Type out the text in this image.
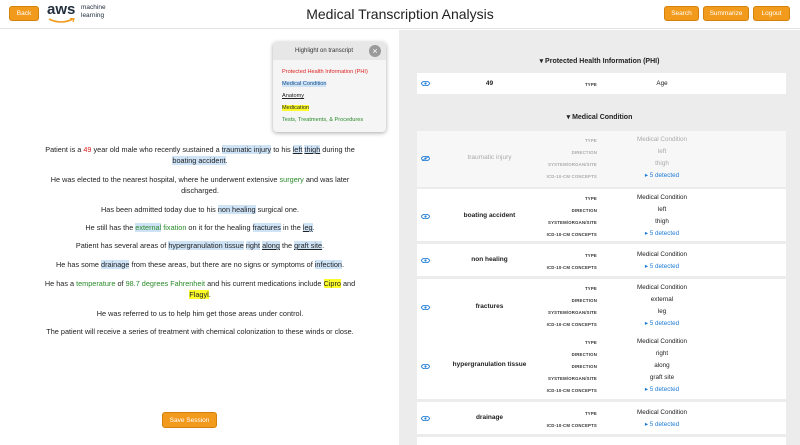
Back	aws machine
learning	Medical Transcription Analysis	Search	Summarize	Logout
Highlight on transcript	×
Protected Health Information (PHI)
Medical Condition
Anatomy
Medication
Tests, Treatments, & Procedures
Patient is a 49 year old male who recently sustained a traumatic injury to his left thigh during the
boating accident.
He was elected to the nearest hospital, where he underwent extensive surgery and was later discharged.
Has been admitted today due to his non healing surgical one.
He still has the external fixation on it for the healing fractures in the leg.
Patient has several areas of hypergranulation tissue right along the graft site.
He has some drainage from these areas, but there are no signs or symptoms of infection.
He has a temperature of 98.7 degrees Fahrenheit and his current medications include Cipro and
Flagyl.
He was referred to us to help him get those areas under control.
The patient will receive a series of treatment with chemical colonization to these winds or close.
Save Session
▾ Protected Health Information (PHI)
49	TYPE	Age
▾ Medical Condition
traumatic injury
TYPE	Medical Condition
DIRECTION	left
SYSTEM/ORGAN/SITE	thigh
ICD-10-CM CONCEPTS	▸ 5 detected
boating accident
TYPE	Medical Condition
DIRECTION	left
SYSTEM/ORGAN/SITE	thigh
ICD-10-CM CONCEPTS	▸ 5 detected
non healing
TYPE	Medical Condition
ICD-10-CM CONCEPTS	▸ 5 detected
fractures
TYPE	Medical Condition
DIRECTION	external
SYSTEM/ORGAN/SITE	leg
ICD-10-CM CONCEPTS	▸ 5 detected
hypergranulation tissue
TYPE	Medical Condition
DIRECTION	right
DIRECTION	along
SYSTEM/ORGAN/SITE	graft site
ICD-10-CM CONCEPTS	▸ 5 detected
drainage
TYPE	Medical Condition
ICD-10-CM CONCEPTS	▸ 5 detected
